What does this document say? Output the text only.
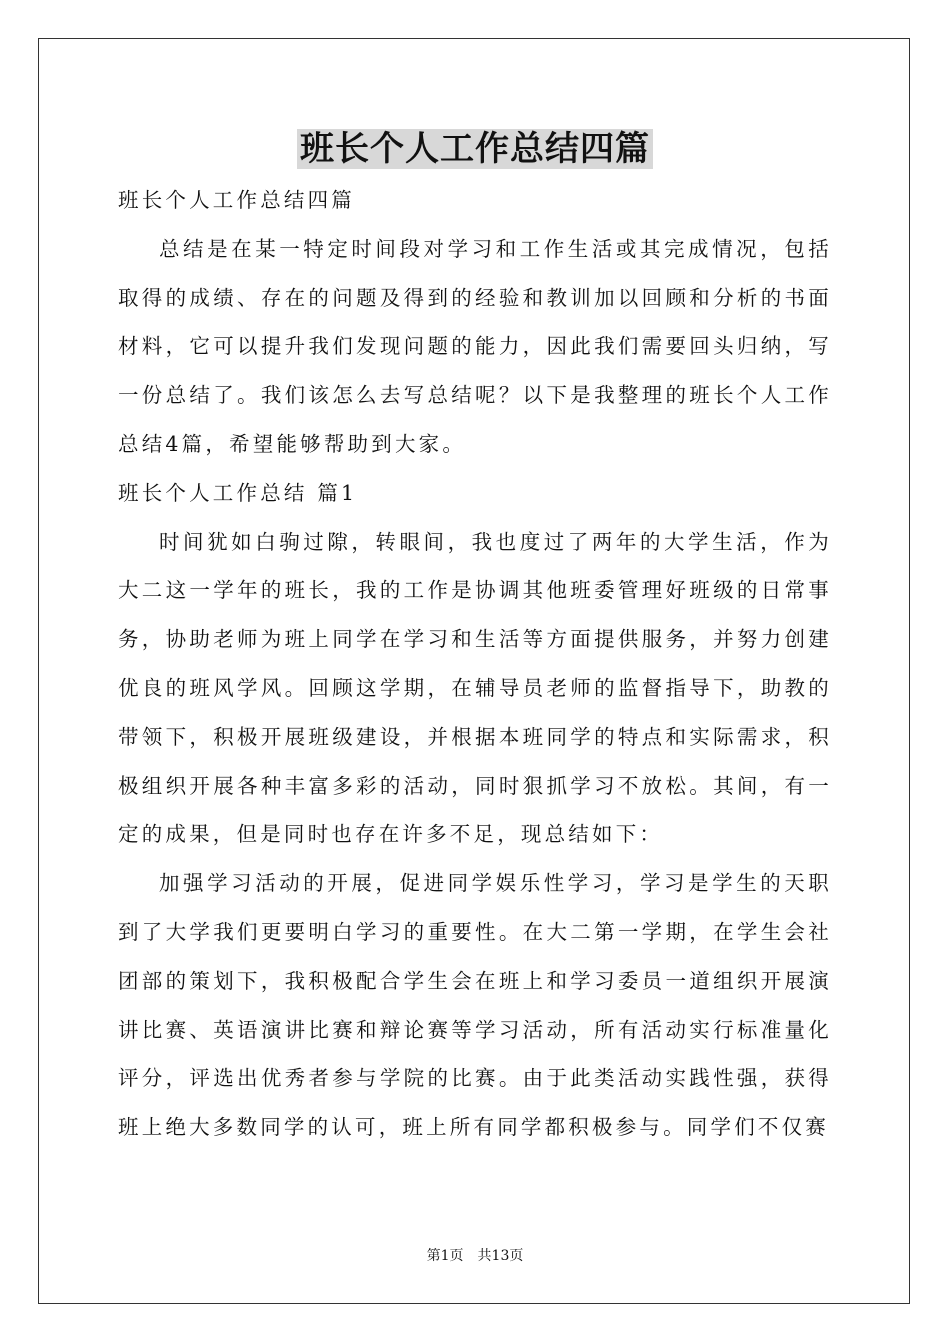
班长个人工作总结四篇

班长个人工作总结四篇

总结是在某一特定时间段对学习和工作生活或其完成情况，包括取得的成绩、存在的问题及得到的经验和教训加以回顾和分析的书面材料，它可以提升我们发现问题的能力，因此我们需要回头归纳，写一份总结了。我们该怎么去写总结呢？以下是我整理的班长个人工作总结4篇，希望能够帮助到大家。

班长个人工作总结 篇1

时间犹如白驹过隙，转眼间，我也度过了两年的大学生活，作为大二这一学年的班长，我的工作是协调其他班委管理好班级的日常事务，协助老师为班上同学在学习和生活等方面提供服务，并努力创建优良的班风学风。回顾这学期，在辅导员老师的监督指导下，助教的带领下，积极开展班级建设，并根据本班同学的特点和实际需求，积极组织开展各种丰富多彩的活动，同时狠抓学习不放松。其间，有一定的成果，但是同时也存在许多不足，现总结如下：

加强学习活动的开展，促进同学娱乐性学习，学习是学生的天职到了大学我们更要明白学习的重要性。在大二第一学期，在学生会社团部的策划下，我积极配合学生会在班上和学习委员一道组织开展演讲比赛、英语演讲比赛和辩论赛等学习活动，所有活动实行标准量化评分，评选出优秀者参与学院的比赛。由于此类活动实践性强，获得班上绝大多数同学的认可，班上所有同学都积极参与。同学们不仅赛

第1页　共13页
